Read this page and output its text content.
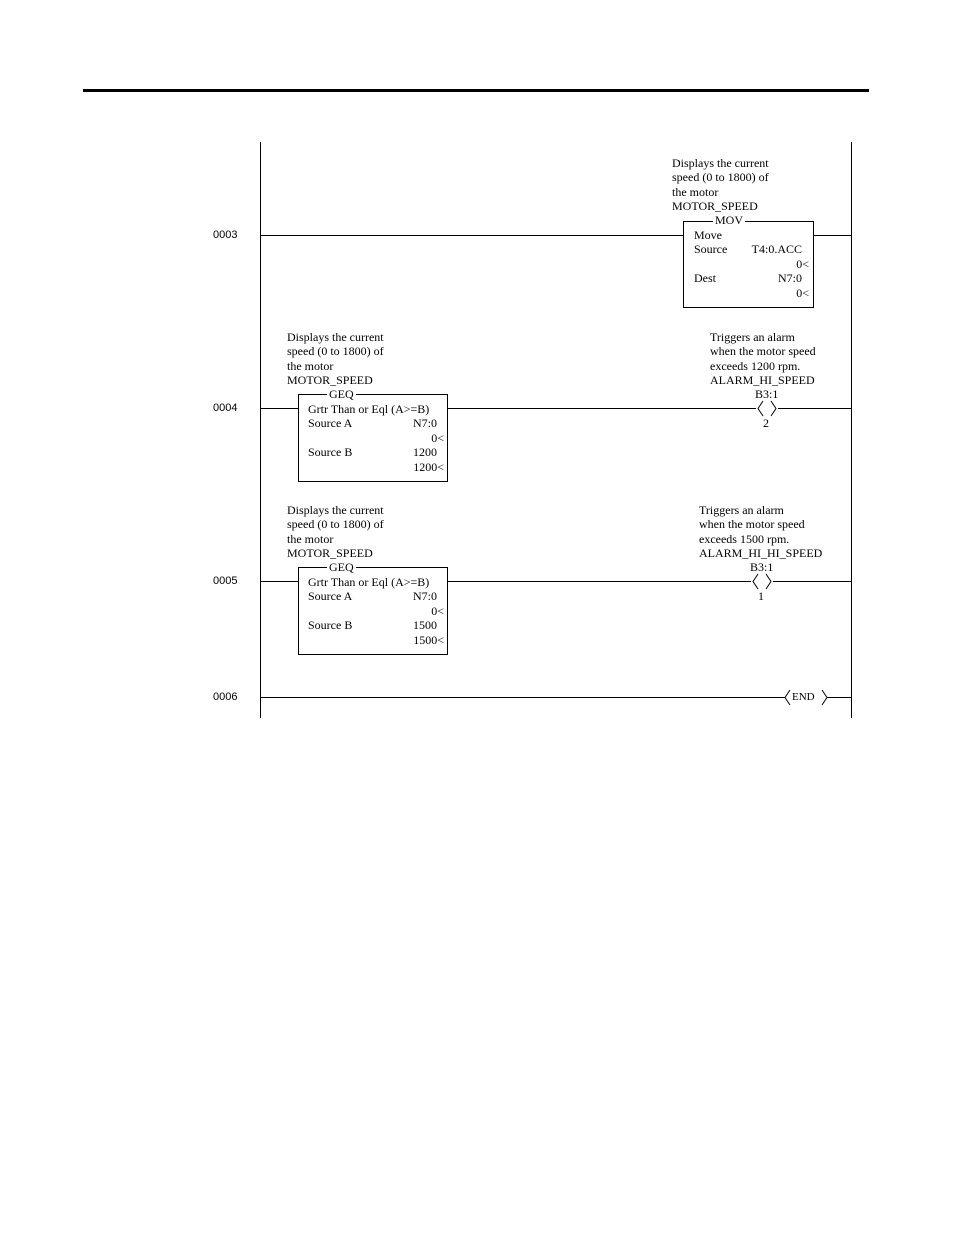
0003
Displays the current
speed (0 to 1800) of
the motor
MOTOR_SPEED
MOV
Move
Source	T4:0.ACC
0<
Dest	N7:0
0<
0004
Displays the current
speed (0 to 1800) of
the motor
MOTOR_SPEED
GEQ
Grtr Than or Eql (A>=B)
Source A	N7:0
0<
Source B	1200
1200<
Triggers an alarm
when the motor speed
exceeds 1200 rpm.
ALARM_HI_SPEED
B3:1
2
0005
Displays the current
speed (0 to 1800) of
the motor
MOTOR_SPEED
GEQ
Grtr Than or Eql (A>=B)
Source A	N7:0
0<
Source B	1500
1500<
Triggers an alarm
when the motor speed
exceeds 1500 rpm.
ALARM_HI_HI_SPEED
B3:1
1
0006	END
